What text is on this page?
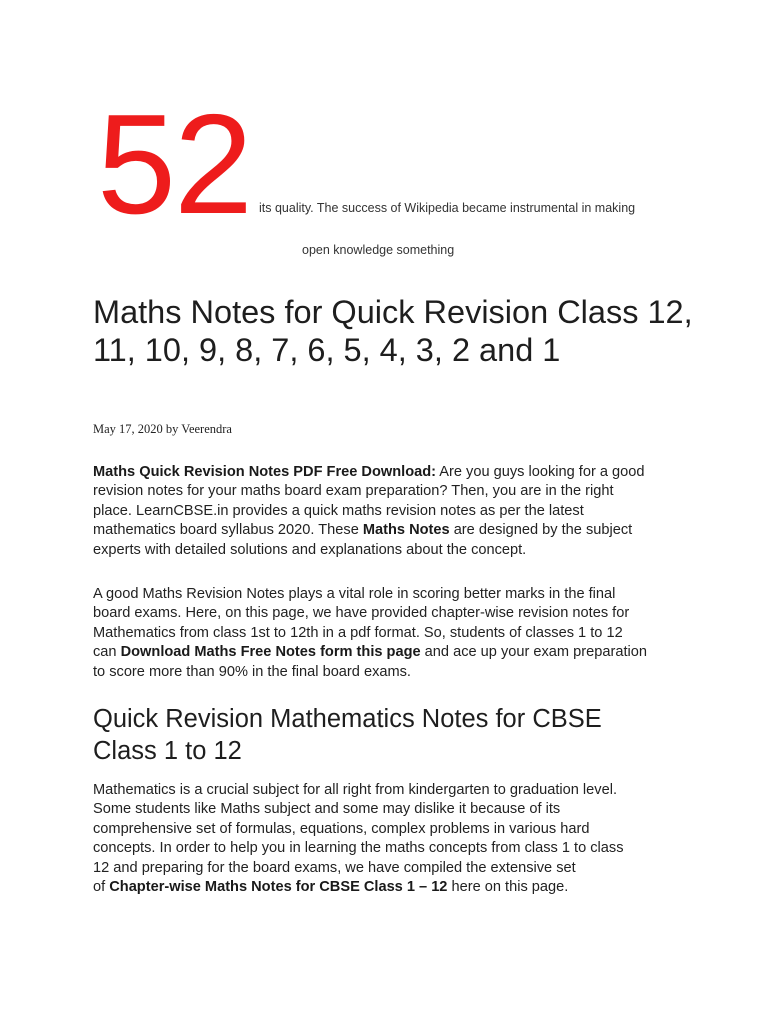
52 its quality. The success of Wikipedia became instrumental in making
open knowledge something
Maths Notes for Quick Revision Class 12, 11, 10, 9, 8, 7, 6, 5, 4, 3, 2 and 1
May 17, 2020 by Veerendra

Maths Quick Revision Notes PDF Free Download: Are you guys looking for a good
revision notes for your maths board exam preparation? Then, you are in the right
place. LearnCBSE.in provides a quick maths revision notes as per the latest
mathematics board syllabus 2020. These Maths Notes are designed by the subject
experts with detailed solutions and explanations about the concept.

A good Maths Revision Notes plays a vital role in scoring better marks in the final
board exams. Here, on this page, we have provided chapter-wise revision notes for
Mathematics from class 1st to 12th in a pdf format. So, students of classes 1 to 12
can Download Maths Free Notes form this page and ace up your exam preparation
to score more than 90% in the final board exams.

Quick Revision Mathematics Notes for CBSE
Class 1 to 12

Mathematics is a crucial subject for all right from kindergarten to graduation level.
Some students like Maths subject and some may dislike it because of its
comprehensive set of formulas, equations, complex problems in various hard
concepts. In order to help you in learning the maths concepts from class 1 to class
12 and preparing for the board exams, we have compiled the extensive set
of Chapter-wise Maths Notes for CBSE Class 1 – 12 here on this page.
